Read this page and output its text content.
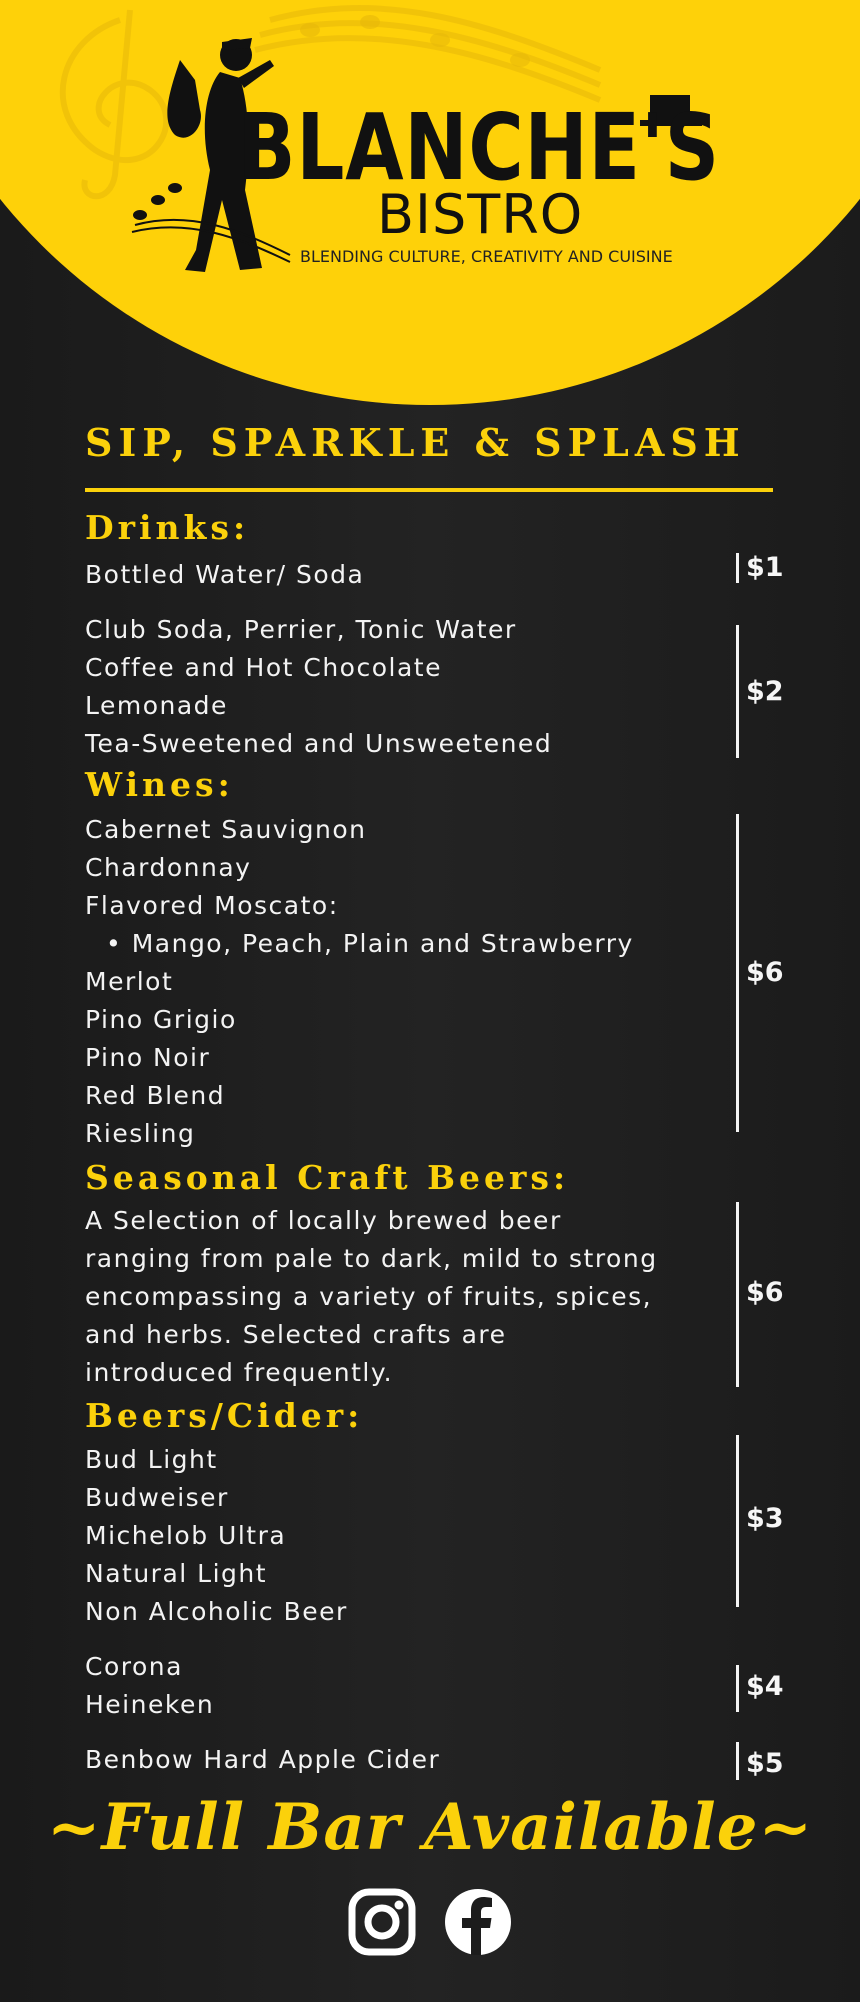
BLANCHE'S
BISTRO
BLENDING CULTURE, CREATIVITY AND CUISINE
SIP, SPARKLE & SPLASH
Drinks:
Bottled Water/ Soda	$1
Club Soda, Perrier, Tonic Water
Coffee and Hot Chocolate
Lemonade
Tea-Sweetened and Unsweetened
$2
Wines:
Cabernet Sauvignon
Chardonnay
Flavored Moscato:
• Mango, Peach, Plain and Strawberry
Merlot
Pino Grigio
Pino Noir
Red Blend
Riesling
$6
Seasonal Craft Beers:
A Selection of locally brewed beer
ranging from pale to dark, mild to strong
encompassing a variety of fruits, spices,
and herbs. Selected crafts are
introduced frequently.
$6
Beers/Cider:
Bud Light
Budweiser
Michelob Ultra
Natural Light
Non Alcoholic Beer
$3
Corona
Heineken
$4
Benbow Hard Apple Cider	$5
~Full Bar Available~
